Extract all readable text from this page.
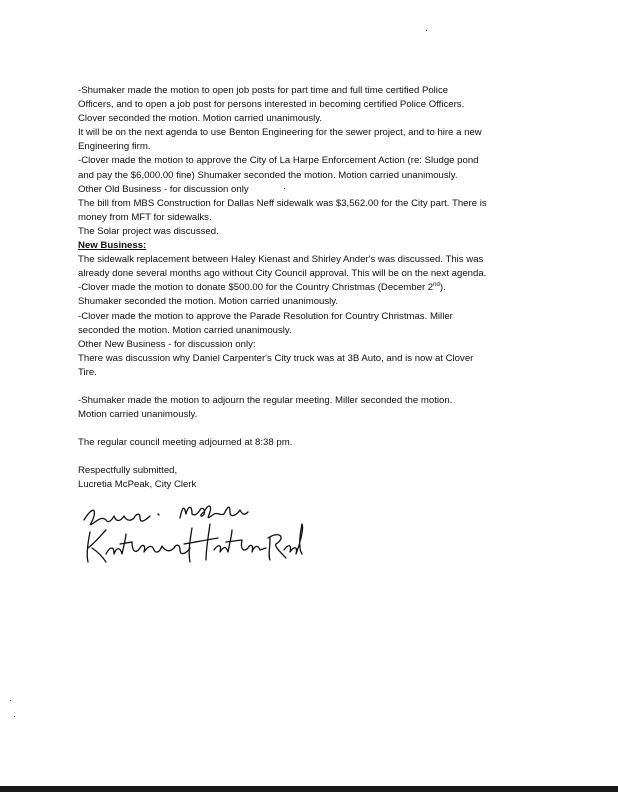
-Shumaker made the motion to open job posts for part time and full time certified Police
Officers, and to open a job post for persons interested in becoming certified Police Officers.
Clover seconded the motion. Motion carried unanimously.
It will be on the next agenda to use Benton Engineering for the sewer project, and to hire a new
Engineering firm.
-Clover made the motion to approve the City of La Harpe Enforcement Action (re: Sludge pond
and pay the $6,000.00 fine) Shumaker seconded the motion. Motion carried unanimously.
Other Old Business - for discussion only
The bill from MBS Construction for Dallas Neff sidewalk was $3,562.00 for the City part. There is
money from MFT for sidewalks.
The Solar project was discussed.
New Business:
The sidewalk replacement between Haley Kienast and Shirley Ander's was discussed. This was
already done several months ago without City Council approval. This will be on the next agenda.
-Clover made the motion to donate $500.00 for the Country Christmas (December 2nd).
Shumaker seconded the motion. Motion carried unanimously.
-Clover made the motion to approve the Parade Resolution for Country Christmas. Miller
seconded the motion. Motion carried unanimously.
Other New Business - for discussion only:
There was discussion why Daniel Carpenter's City truck was at 3B Auto, and is now at Clover
Tire.
-Shumaker made the motion to adjourn the regular meeting. Miller seconded the motion.
Motion carried unanimously.
The regular council meeting adjourned at 8:38 pm.
Respectfully submitted,
Lucretia McPeak, City Clerk
